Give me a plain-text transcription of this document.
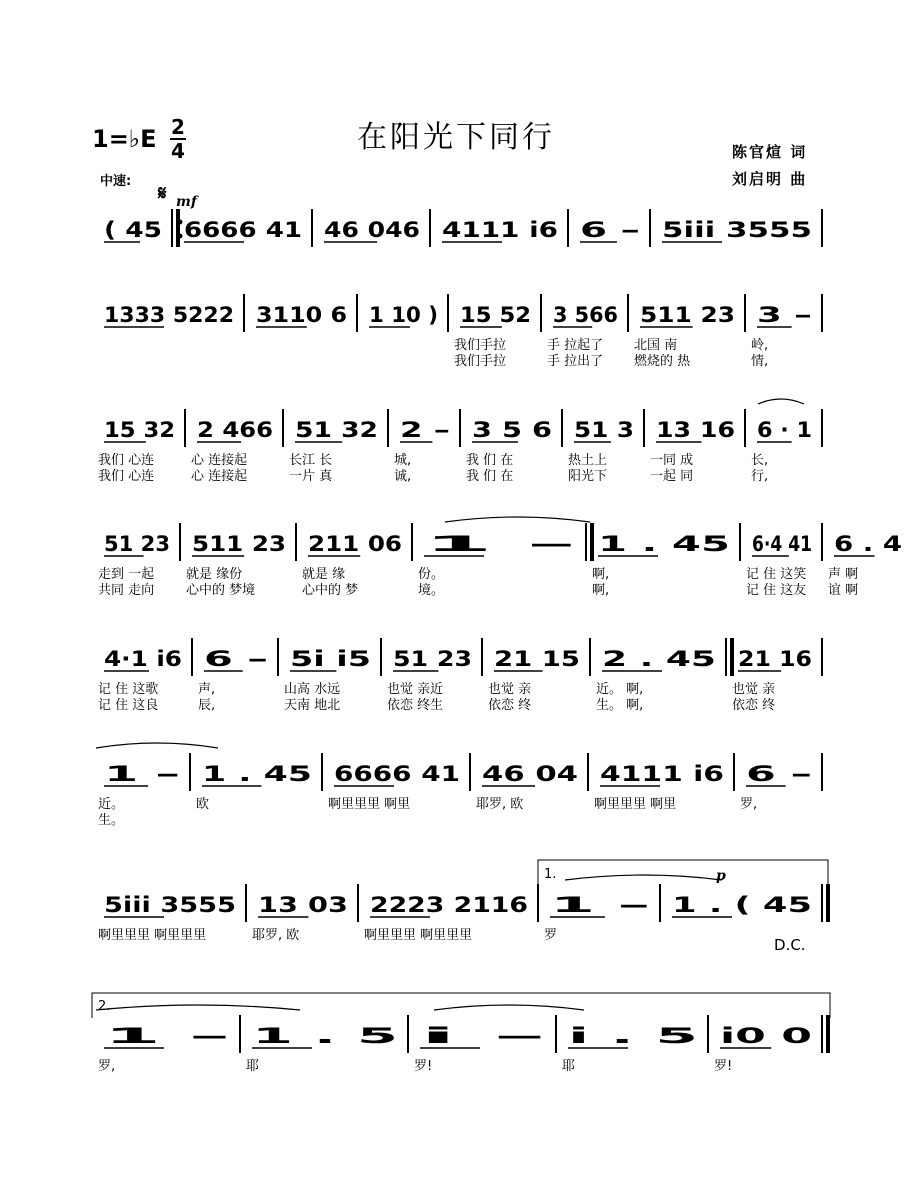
在阳光下同行
1=♭E 2
4
中速:
陈官煊 词
刘启明 曲
( 45 6666 41 46 046 4111 i6 6 – 5iii 3555
1333 5222 3110 6 1 10 ) 15 52 3 566 511 23 3 –
我们手拉	手 拉起了 北国 南	岭,
我们手拉	手 拉出了 燃烧的 热	情,
15 32 2 466 51 32 2 – 3 5 6 51 3 13 16 6 · 1
我们 心连	心 连接起	长江 长	城,	我 们 在	热土上	一同 成	长,
我们 心连	心 连接起	一片 真	诚,	我 们 在	阳光下	一起 同	行,
51 23 511 23 211 06 1 – 1 . 45 6·4 41 6 . 4
走到 一起 就是 缘份	就是 缘	份。	啊,	记 住 这笑 声 啊
共同 走向 心中的 梦境	心中的 梦	境。	啊,	记 住 这友 谊 啊
4·1 i6 6 – 5i i5 51 23 21 15 2 . 45 21 16
记 住 这歌	声,	山高 水远	也觉 亲近	也觉 亲	近。 啊,	也觉 亲
记 住 这良	辰,	天南 地北	依恋 终生	依恋 终	生。 啊,	依恋 终
1 – 1 . 45 6666 41 46 04 4111 i6 6 –
近。	欧	啊里里里 啊里	耶罗, 欧	啊里里里 啊里	罗,
生。
5iii 3555 13 03 2223 2116 1 – 1 . ( 45
啊里里里 啊里里里	耶罗, 欧	啊里里里 啊里里里	罗
1 – 1 . 5 i – i . 5 i0 0
罗,	耶	罗!	耶	罗!
𝄋 mf
p
D.C.
1.
2.
